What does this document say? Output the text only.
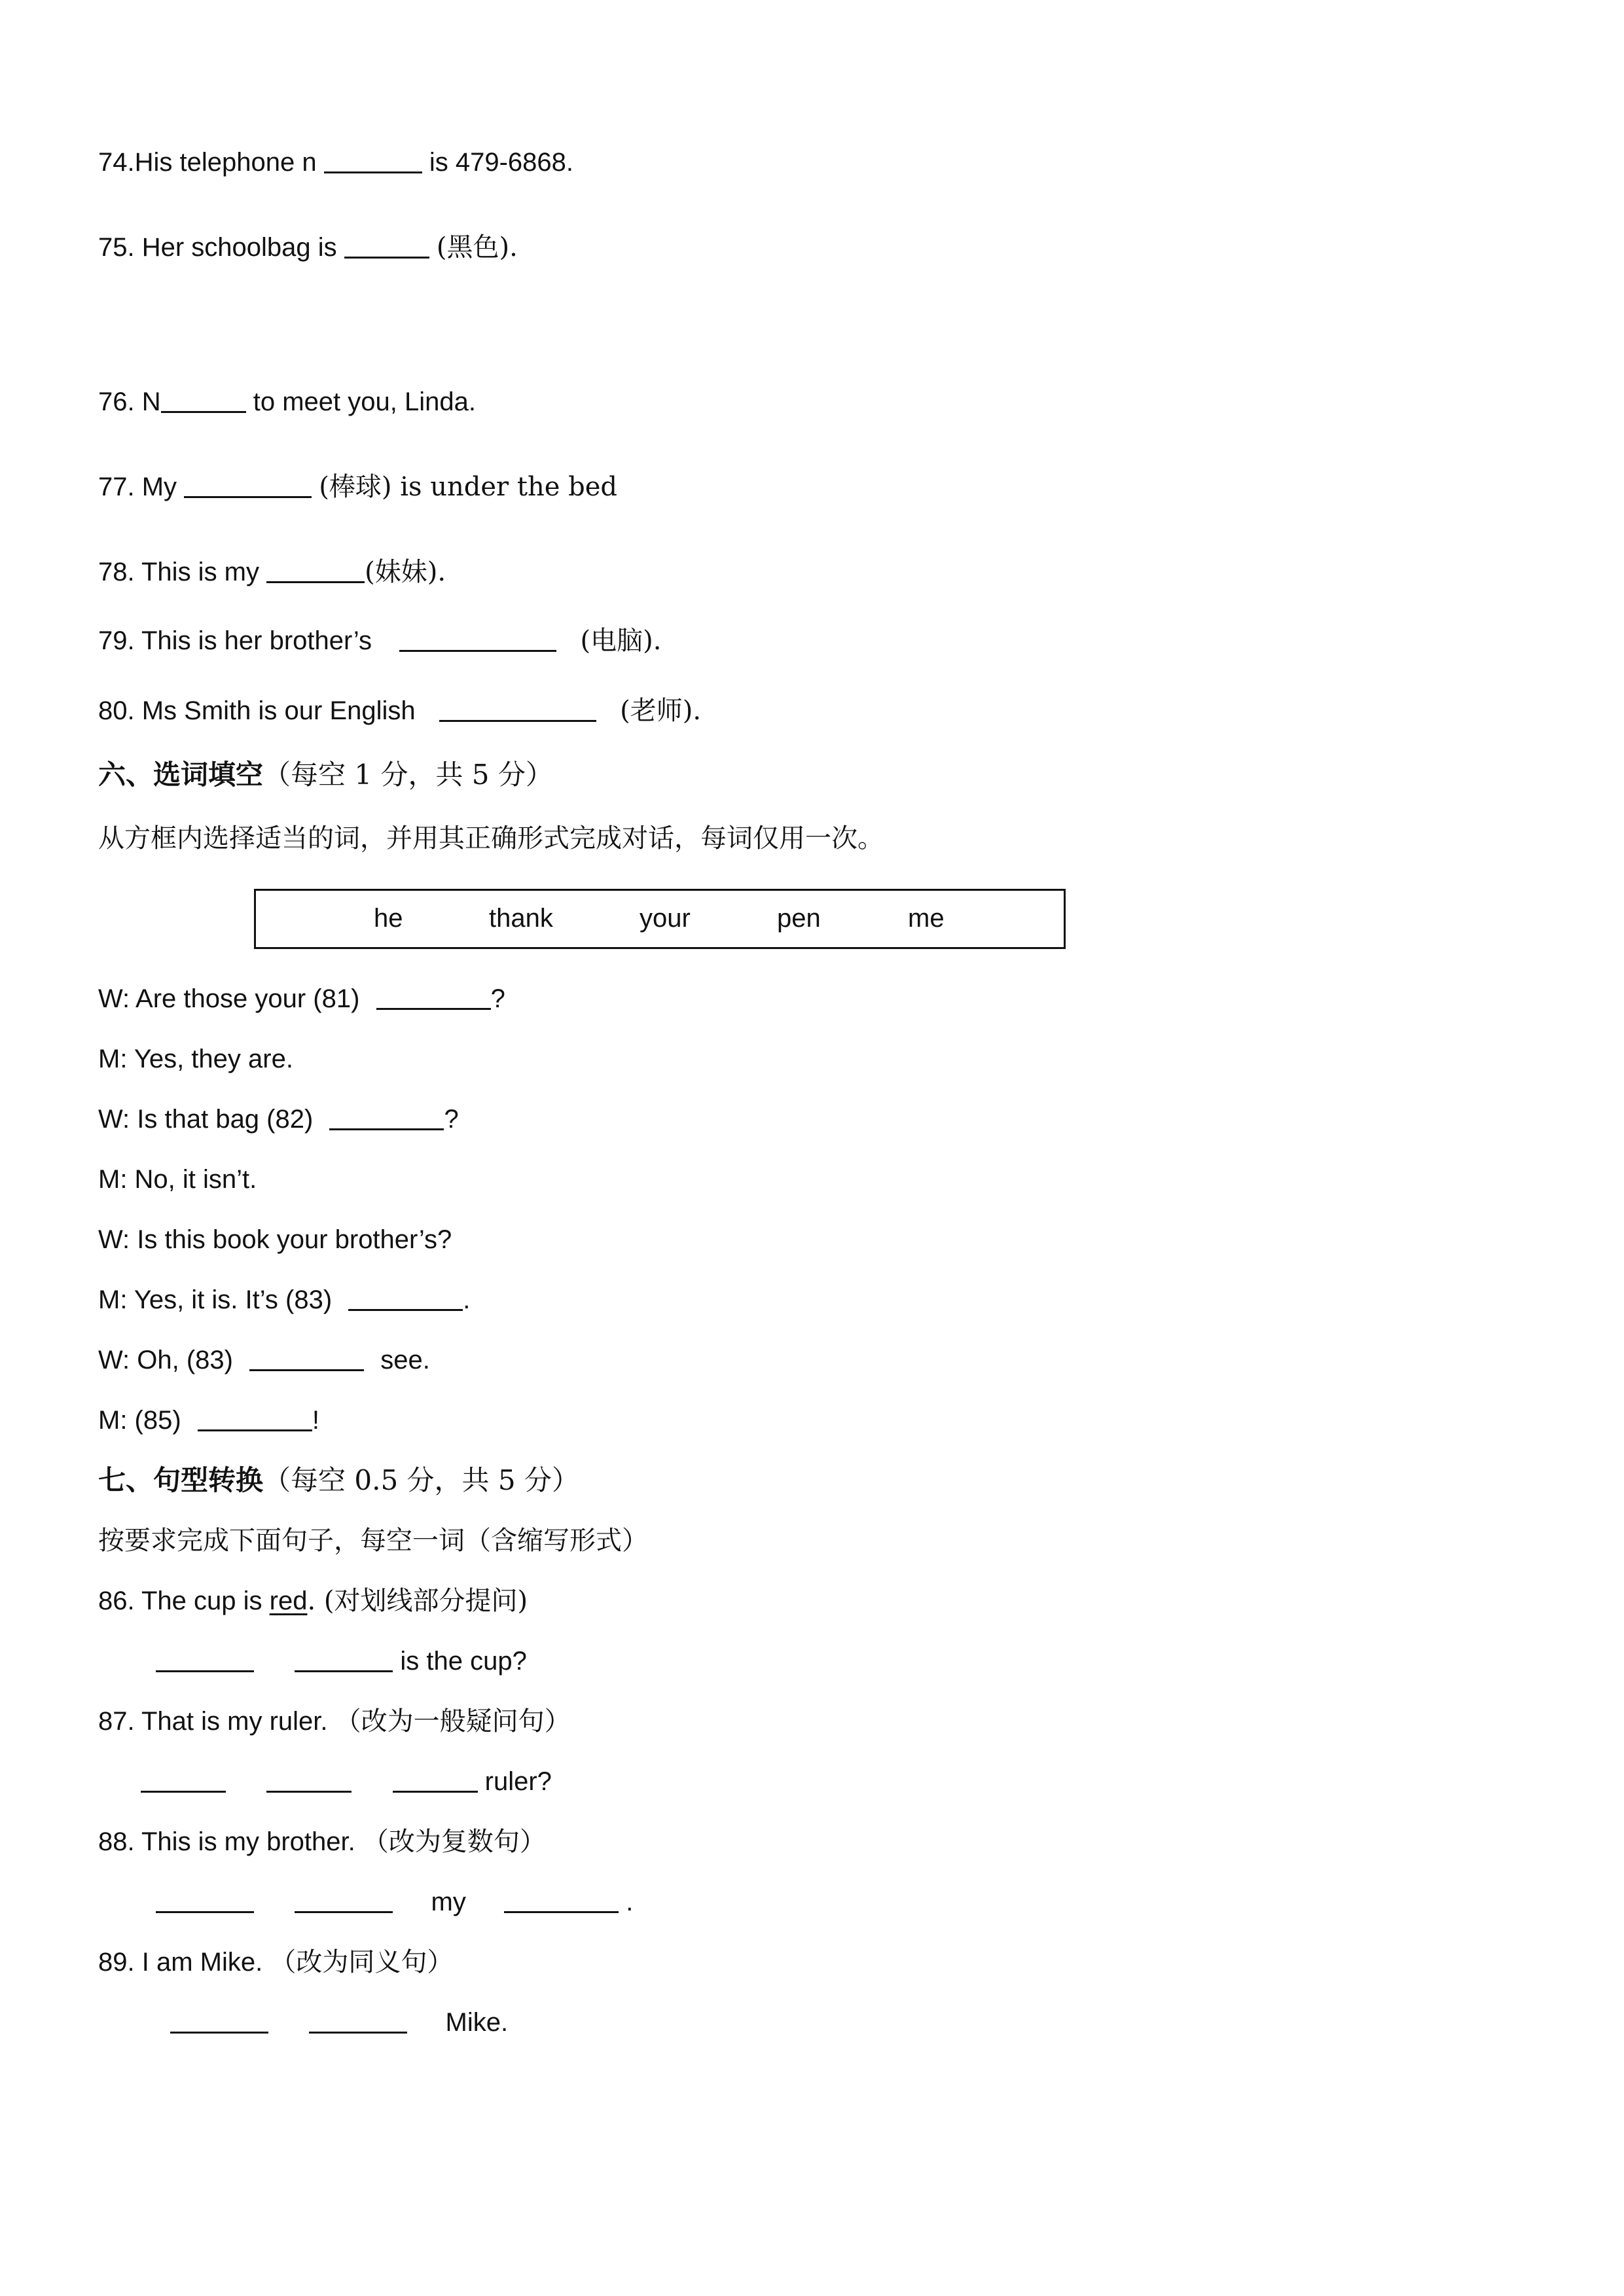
74.His telephone n	is 479-6868.
75. Her schoolbag is	(黑色).
76. N	to meet you, Linda.
77. My	(棒球) is under the bed
78. This is my	(妹妹).
79. This is her brother’s	(电脑).
80. Ms Smith is our English	(老师).
六、选词填空（每空 1 分，共 5 分）
从方框内选择适当的词，并用其正确形式完成对话，每词仅用一次。
he	thank	your	pen	me
W: Are those your (81)	?
M: Yes, they are.
W: Is that bag (82)	?
M: No, it isn’t.
W: Is this book your brother’s?
M: Yes, it is. It’s (83)	.
W: Oh, (83)	see.
M: (85)	!
七、句型转换（每空 0.5 分，共 5 分）
按要求完成下面句子，每空一词（含缩写形式）
86. The cup is red. (对划线部分提问)
is the cup?
87. That is my ruler. （改为一般疑问句）
ruler?
88. This is my brother. （改为复数句）
my	.
89. I am Mike. （改为同义句）
Mike.
